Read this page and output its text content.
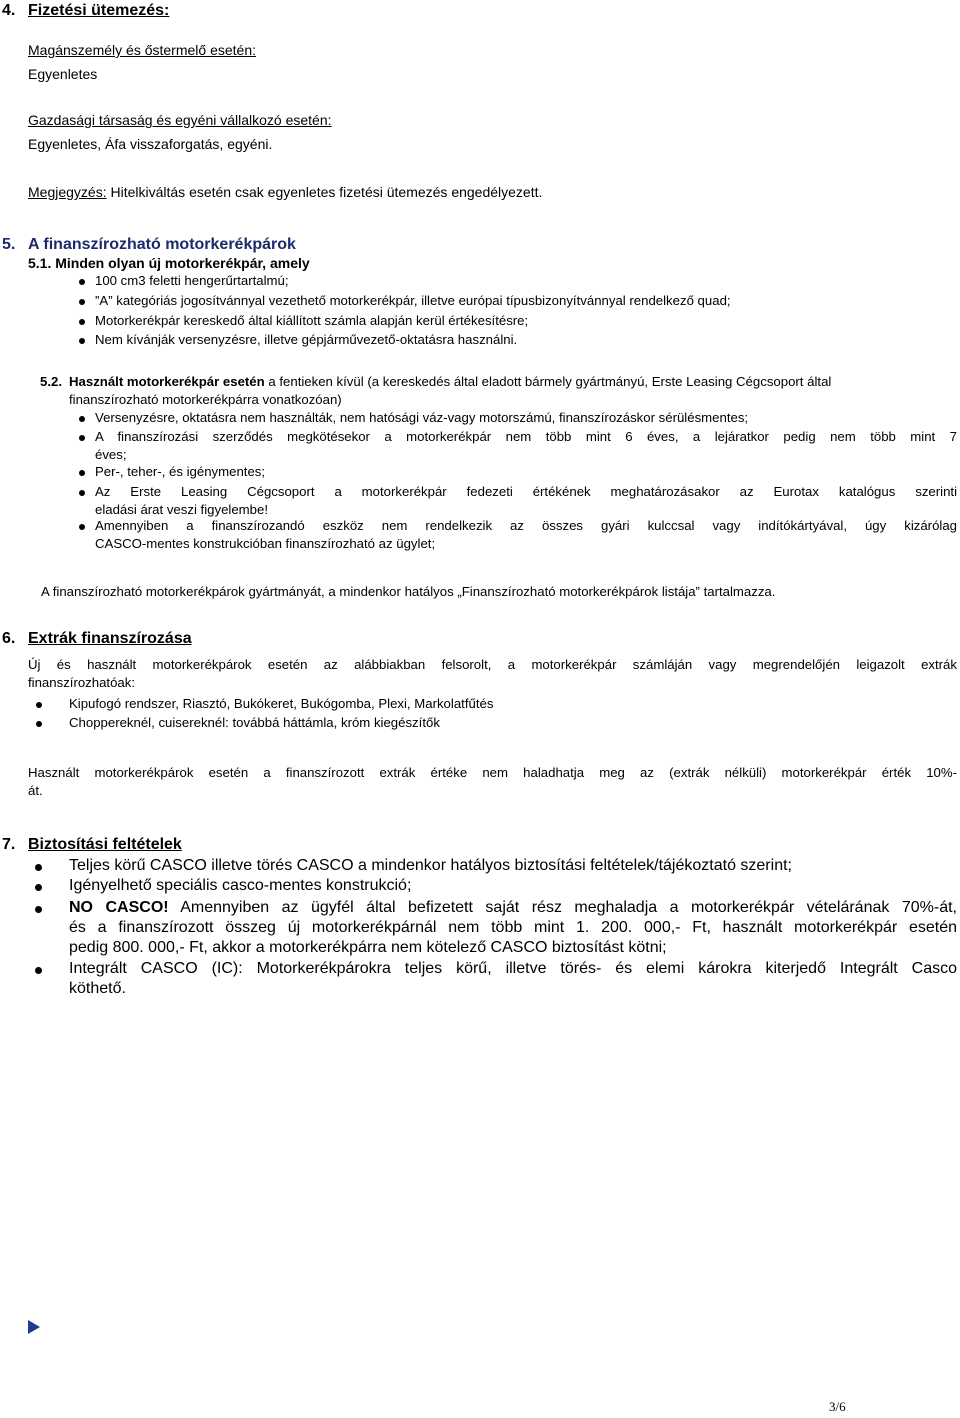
4. Fizetési ütemezés:
Magánszemély és őstermelő esetén:
Egyenletes
Gazdasági társaság és egyéni vállalkozó esetén:
Egyenletes, Áfa visszaforgatás, egyéni.
Megjegyzés: Hitelkiváltás esetén csak egyenletes fizetési ütemezés engedélyezett.
5. A finanszírozható motorkerékpárok
5.1. Minden olyan új motorkerékpár, amely
100 cm3 feletti hengerűrtartalmú;
”A” kategóriás jogosítvánnyal vezethető motorkerékpár, illetve európai típusbizonyítvánnyal rendelkező quad;
Motorkerékpár kereskedő által kiállított számla alapján kerül értékesítésre;
Nem kívánják versenyzésre, illetve gépjárművezető-oktatásra használni.
5.2. Használt motorkerékpár esetén a fentieken kívül (a kereskedés által eladott bármely gyártmányú, Erste Leasing Cégcsoport által
finanszírozható motorkerékpárra vonatkozóan)
Versenyzésre, oktatásra nem használták, nem hatósági váz-vagy motorszámú, finanszírozáskor sérülésmentes;
A finanszírozási szerződés megkötésekor a motorkerékpár nem több mint 6 éves, a lejáratkor pedig nem több mint 7
éves;
Per-, teher-, és igénymentes;
Az Erste Leasing Cégcsoport a motorkerékpár fedezeti értékének meghatározásakor az Eurotax katalógus szerinti
eladási árat veszi figyelembe!
Amennyiben a finanszírozandó eszköz nem rendelkezik az összes gyári kulccsal vagy indítókártyával, úgy kizárólag
CASCO-mentes konstrukcióban finanszírozható az ügylet;
A finanszírozható motorkerékpárok gyártmányát, a mindenkor hatályos „Finanszírozható motorkerékpárok listája” tartalmazza.
6. Extrák finanszírozása
Új és használt motorkerékpárok esetén az alábbiakban felsorolt, a motorkerékpár számláján vagy megrendelőjén leigazolt extrák
finanszírozhatóak:
Kipufogó rendszer, Riasztó, Bukókeret, Bukógomba, Plexi, Markolatfűtés
Choppereknél, cuisereknél: továbbá háttámla, króm kiegészítők
Használt motorkerékpárok esetén a finanszírozott extrák értéke nem haladhatja meg az (extrák nélküli) motorkerékpár érték 10%-
át.
7. Biztosítási feltételek
Teljes körű CASCO illetve törés CASCO a mindenkor hatályos biztosítási feltételek/tájékoztató szerint;
Igényelhető speciális casco-mentes konstrukció;
NO CASCO! Amennyiben az ügyfél által befizetett saját rész meghaladja a motorkerékpár vételárának 70%-át,
és a finanszírozott összeg új motorkerékpárnál nem több mint 1. 200. 000,- Ft, használt motorkerékpár esetén
pedig 800. 000,- Ft, akkor a motorkerékpárra nem kötelező CASCO biztosítást kötni;
Integrált CASCO (IC): Motorkerékpárokra teljes körű, illetve törés- és elemi károkra kiterjedő Integrált Casco
köthető.
3/6
